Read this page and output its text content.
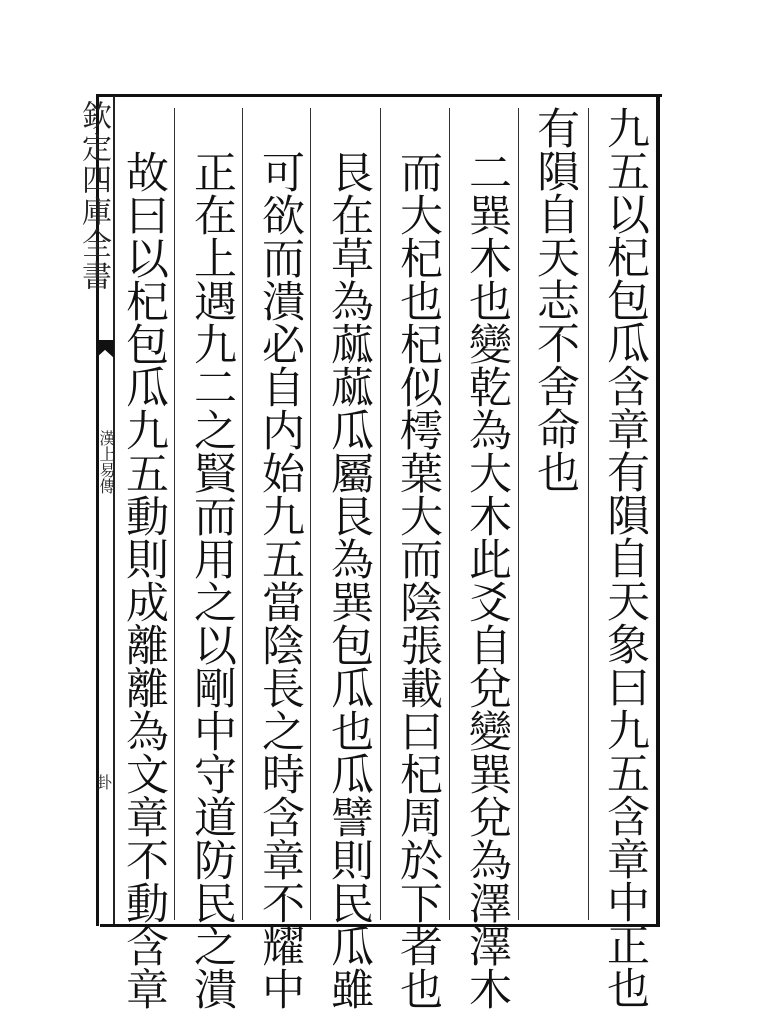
欽定四庫全書
漢上易傳
卦	九五以杞包瓜含章有隕自天象曰九五含章中正也
有隕自天志不舍命也
二巽木也變乾為大木此爻自兌變巽兌為澤澤木
而大杞也杞似樗葉大而陰張載曰杞周於下者也
艮在草為蓏蓏瓜屬艮為巽包瓜也瓜譬則民瓜雖
可欲而潰必自内始九五當陰長之時含章不耀中
正在上遇九二之賢而用之以剛中守道防民之潰
故曰以杞包瓜九五動則成離離為文章不動含章
